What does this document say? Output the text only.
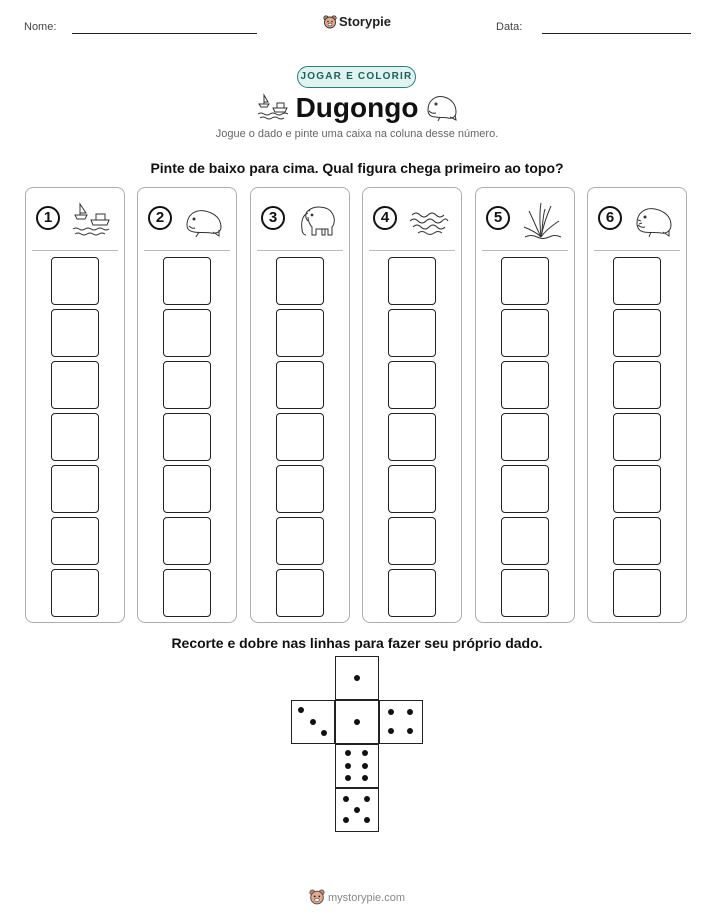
Nome:	Storypie	Data:
JOGAR E COLORIR
Dugongo
Jogue o dado e pinte uma caixa na coluna desse número.
Pinte de baixo para cima. Qual figura chega primeiro ao topo?
1	2	3	4	5	6
Recorte e dobre nas linhas para fazer seu próprio dado.
mystorypie.com
